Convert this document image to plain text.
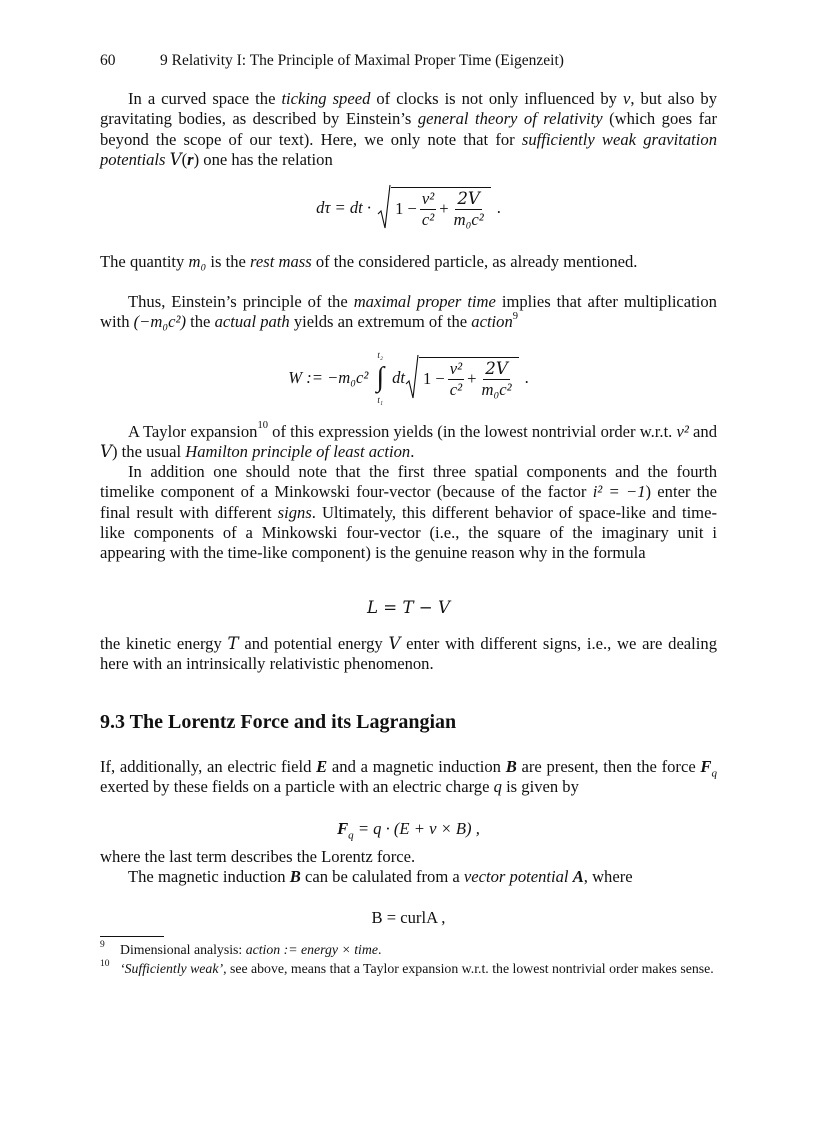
60	9 Relativity I: The Principle of Maximal Proper Time (Eigenzeit)

In a curved space the ticking speed of clocks is not only influenced by v, but also by gravitating bodies, as described by Einstein’s general theory of relativity (which goes far beyond the scope of our text). Here, we only note that for sufficiently weak gravitation potentials V(r) one has the relation

dτ = dt · $1 - \frac{\text{v²}}{\text{c²}} + \frac{2V}{\text{m₀c²}}$ .

The quantity m₀ is the rest mass of the considered particle, as already mentioned.

Thus, Einstein’s principle of the maximal proper time implies that after multiplication with (−m₀c²) the actual path yields an extremum of the action$^9$

W := −m₀c²
t₂
∫
t₁
dt $1 - \frac{\text{v²}}{\text{c²}} + \frac{2V}{\text{m₀c²}}$ .

A Taylor expansion$^{10}$ of this expression yields (in the lowest nontrivial order w.r.t. v² and V) the usual Hamilton principle of least action.

In addition one should note that the first three spatial components and the fourth timelike component of a Minkowski four-vector (because of the factor i² = −1) enter the final result with different signs. Ultimately, this different behavior of space-like and time-like components of a Minkowski four-vector (i.e., the square of the imaginary unit i appearing with the time-like component) is the genuine reason why in the formula

L = T − V

the kinetic energy T and potential energy V enter with different signs, i.e., we are dealing here with an intrinsically relativistic phenomenon.

9.3 The Lorentz Force and its Lagrangian

If, additionally, an electric field E and a magnetic induction B are present, then the force $F_q$ exerted by these fields on a particle with an electric charge q is given by

$F_q = q \cdot (E + v \times B)$ ,

where the last term describes the Lorentz force.

The magnetic induction B can be calulated from a vector potential A, where

B = curlA ,
9 Dimensional analysis: action := energy × time.
10 ‘Sufficiently weak’, see above, means that a Taylor expansion w.r.t. the lowest nontrivial order makes sense.
